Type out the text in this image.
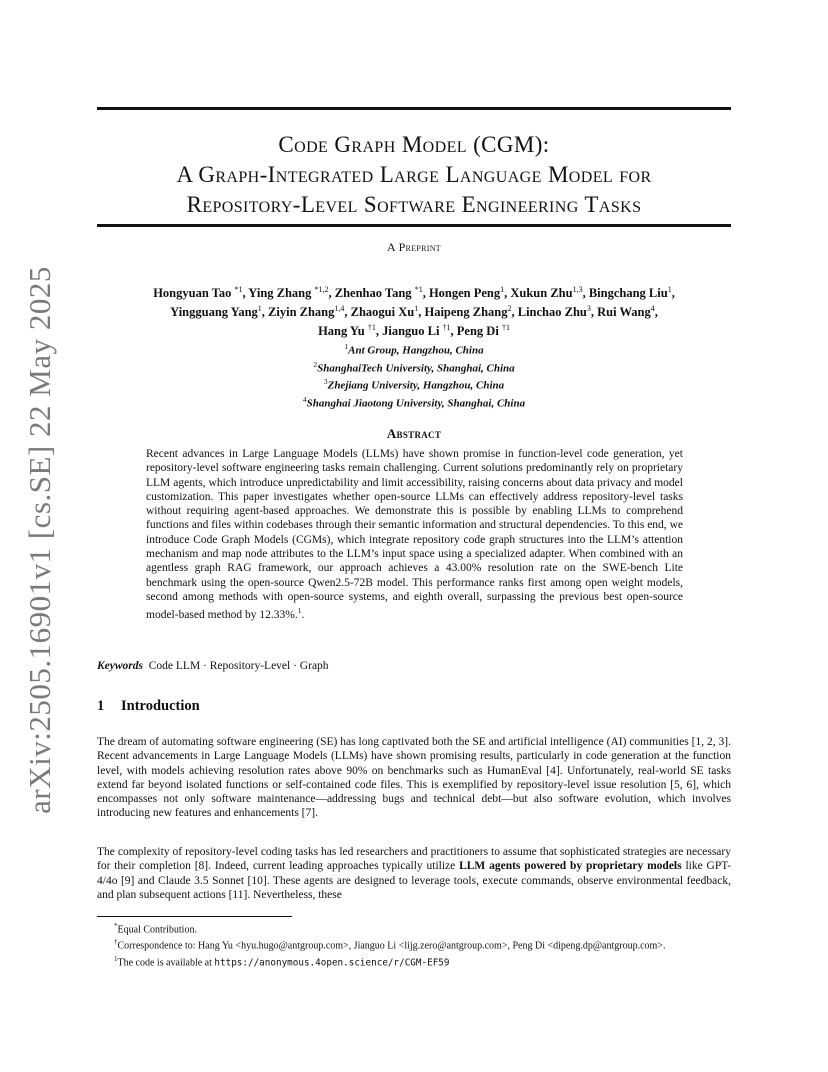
arXiv:2505.16901v1 [cs.SE] 22 May 2025
Code Graph Model (CGM):
A Graph-Integrated Large Language Model for
Repository-Level Software Engineering Tasks
A Preprint
Hongyuan Tao $^{*1}$, Ying Zhang $^{*1,2}$, Zhenhao Tang $^{*1}$, Hongen Peng$^1$, Xukun Zhu$^{1,3}$, Bingchang Liu$^1$,
Yingguang Yang$^1$, Ziyin Zhang$^{1,4}$, Zhaogui Xu$^1$, Haipeng Zhang$^2$, Linchao Zhu$^3$, Rui Wang$^4$,
Hang Yu $^{\dagger 1}$, Jianguo Li $^{\dagger 1}$, Peng Di $^{\dagger 1}$
$^1$Ant Group, Hangzhou, China
$^2$ShanghaiTech University, Shanghai, China
$^3$Zhejiang University, Hangzhou, China
$^4$Shanghai Jiaotong University, Shanghai, China
Abstract
Recent advances in Large Language Models (LLMs) have shown promise in function-level code generation, yet repository-level software engineering tasks remain challenging. Current solutions predominantly rely on proprietary LLM agents, which introduce unpredictability and limit accessibility, raising concerns about data privacy and model customization. This paper investigates whether open-source LLMs can effectively address repository-level tasks without requiring agent-based approaches. We demonstrate this is possible by enabling LLMs to comprehend functions and files within codebases through their semantic information and structural dependencies. To this end, we introduce Code Graph Models (CGMs), which integrate repository code graph structures into the LLM’s attention mechanism and map node attributes to the LLM’s input space using a specialized adapter. When combined with an agentless graph RAG framework, our approach achieves a 43.00% resolution rate on the SWE-bench Lite benchmark using the open-source Qwen2.5-72B model. This performance ranks first among open weight models, second among methods with open-source systems, and eighth overall, surpassing the previous best open-source model-based method by 12.33%.$^1$.
Keywords Code LLM · Repository-Level · Graph
1 Introduction
The dream of automating software engineering (SE) has long captivated both the SE and artificial intelligence (AI) communities [1, 2, 3]. Recent advancements in Large Language Models (LLMs) have shown promising results, particularly in code generation at the function level, with models achieving resolution rates above 90% on benchmarks such as HumanEval [4]. Unfortunately, real-world SE tasks extend far beyond isolated functions or self-contained code files. This is exemplified by repository-level issue resolution [5, 6], which encompasses not only software maintenance—addressing bugs and technical debt—but also software evolution, which involves introducing new features and enhancements [7].
The complexity of repository-level coding tasks has led researchers and practitioners to assume that sophisticated strategies are necessary for their completion [8]. Indeed, current leading approaches typically utilize LLM agents powered by proprietary models like GPT-4/4o [9] and Claude 3.5 Sonnet [10]. These agents are designed to leverage tools, execute commands, observe environmental feedback, and plan subsequent actions [11]. Nevertheless, these
*Equal Contribution.
†Correspondence to: Hang Yu <hyu.hugo@antgroup.com>, Jianguo Li <lijg.zero@antgroup.com>, Peng Di <dipeng.dp@antgroup.com>.
$^1$The code is available at https://anonymous.4open.science/r/CGM-EF59
